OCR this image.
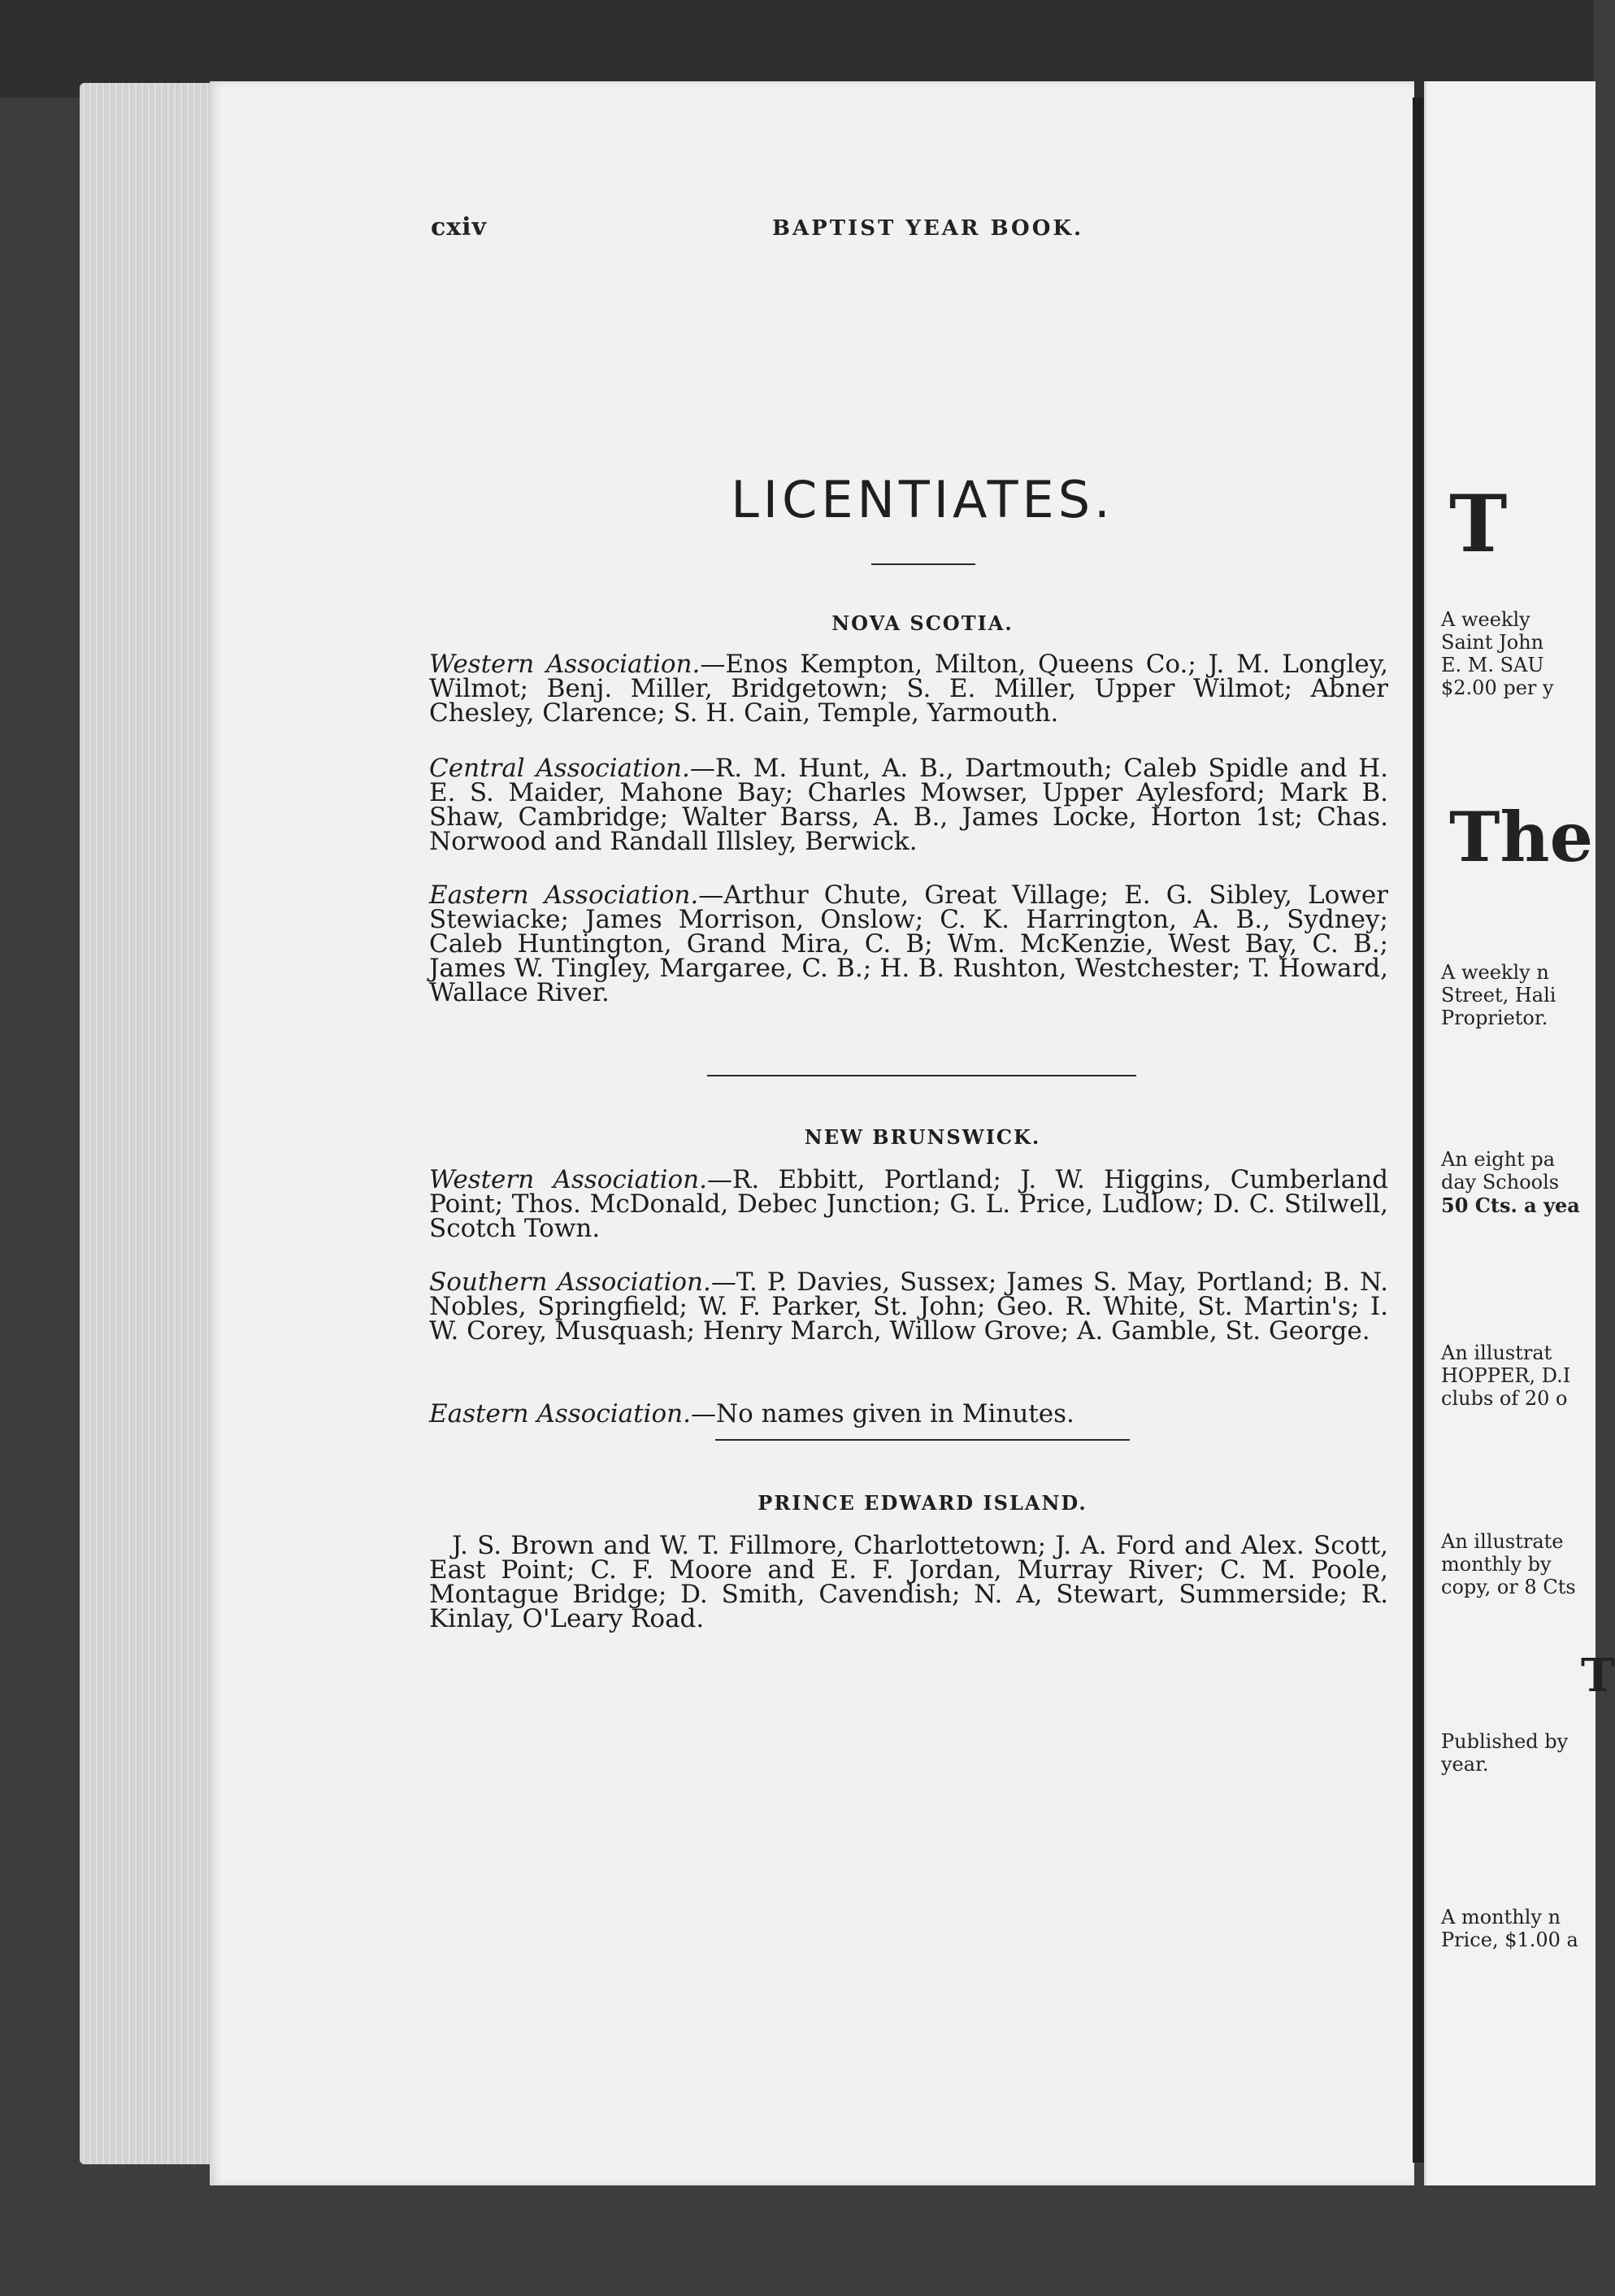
cxiv	BAPTIST YEAR BOOK.
LICENTIATES.
NOVA SCOTIA.

Western Association.—Enos Kempton, Milton, Queens Co.; J. M. Longley, Wilmot; Benj. Miller, Bridgetown; S. E. Miller, Upper Wilmot; Abner Chesley, Clarence; S. H. Cain, Temple, Yarmouth.

Central Association.—R. M. Hunt, A. B., Dartmouth; Caleb Spidle and H. E. S. Maider, Mahone Bay; Charles Mowser, Upper Aylesford; Mark B. Shaw, Cambridge; Walter Barss, A. B., James Locke, Horton 1st; Chas. Norwood and Randall Illsley, Berwick.

Eastern Association.—Arthur Chute, Great Village; E. G. Sibley, Lower Stewiacke; James Morrison, Onslow; C. K. Harrington, A. B., Sydney; Caleb Huntington, Grand Mira, C. B; Wm. McKenzie, West Bay, C. B.; James W. Tingley, Margaree, C. B.; H. B. Rushton, Westchester; T. Howard, Wallace River.

NEW BRUNSWICK.

Western Association.—R. Ebbitt, Portland; J. W. Higgins, Cumberland Point; Thos. McDonald, Debec Junction; G. L. Price, Ludlow; D. C. Stilwell, Scotch Town.

Southern Association.—T. P. Davies, Sussex; James S. May, Portland; B. N. Nobles, Springfield; W. F. Parker, St. John; Geo. R. White, St. Martin's; I. W. Corey, Musquash; Henry March, Willow Grove; A. Gamble, St. George.

Eastern Association.—No names given in Minutes.

PRINCE EDWARD ISLAND.

J. S. Brown and W. T. Fillmore, Charlottetown; J. A. Ford and Alex. Scott, East Point; C. F. Moore and E. F. Jordan, Murray River; C. M. Poole, Montague Bridge; D. Smith, Cavendish; N. A, Stewart, Summerside; R. Kinlay, O'Leary Road.

T
A weekly
Saint John
E. M. SAU
$2.00 per y
The
A weekly n
Street, Hali
Proprietor.
An eight pa
day Schools
50 Cts. a yea
An illustrat
HOPPER, D.I
clubs of 20 o
An illustrate
monthly by
copy, or 8 Cts
T
Published by
year.
A monthly n
Price, $1.00 a
